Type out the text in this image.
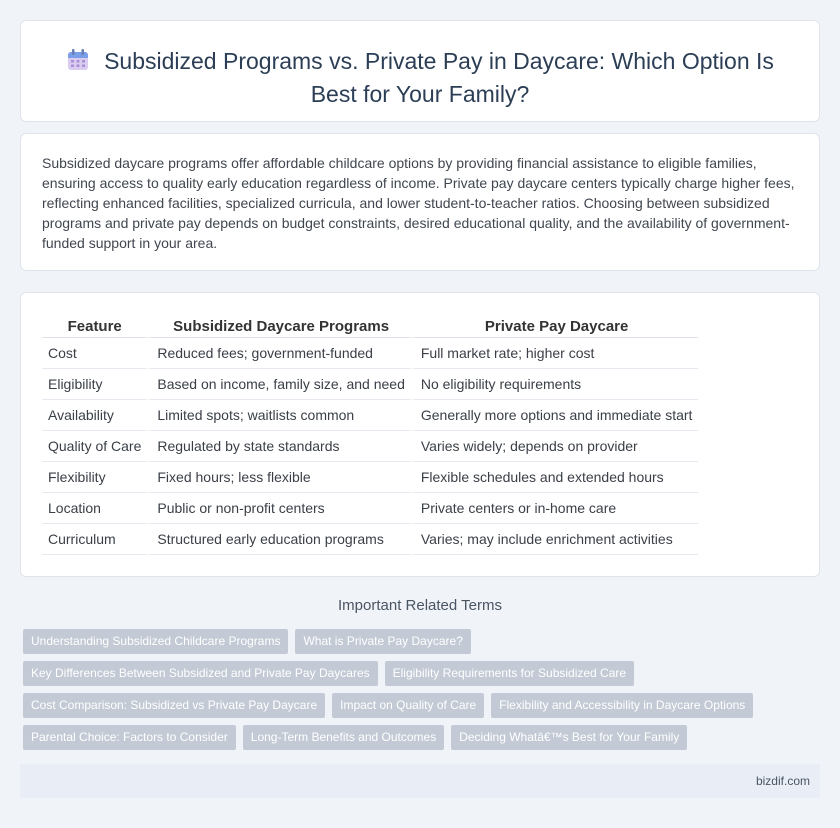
Subsidized Programs vs. Private Pay in Daycare: Which Option Is Best for Your Family?

Subsidized daycare programs offer affordable childcare options by providing financial assistance to eligible families, ensuring access to quality early education regardless of income. Private pay daycare centers typically charge higher fees, reflecting enhanced facilities, specialized curricula, and lower student-to-teacher ratios. Choosing between subsidized programs and private pay depends on budget constraints, desired educational quality, and the availability of government-funded support in your area.

Feature	Subsidized Daycare Programs	Private Pay Daycare
Cost	Reduced fees; government-funded	Full market rate; higher cost
Eligibility	Based on income, family size, and need	No eligibility requirements
Availability	Limited spots; waitlists common	Generally more options and immediate start
Quality of Care	Regulated by state standards	Varies widely; depends on provider
Flexibility	Fixed hours; less flexible	Flexible schedules and extended hours
Location	Public or non-profit centers	Private centers or in-home care
Curriculum	Structured early education programs	Varies; may include enrichment activities
Important Related Terms
Understanding Subsidized Childcare Programs	What is Private Pay Daycare?
Key Differences Between Subsidized and Private Pay Daycares	Eligibility Requirements for Subsidized Care
Cost Comparison: Subsidized vs Private Pay Daycare	Impact on Quality of Care	Flexibility and Accessibility in Daycare Options
Parental Choice: Factors to Consider	Long-Term Benefits and Outcomes	Deciding Whatâ€™s Best for Your Family
bizdif.com
